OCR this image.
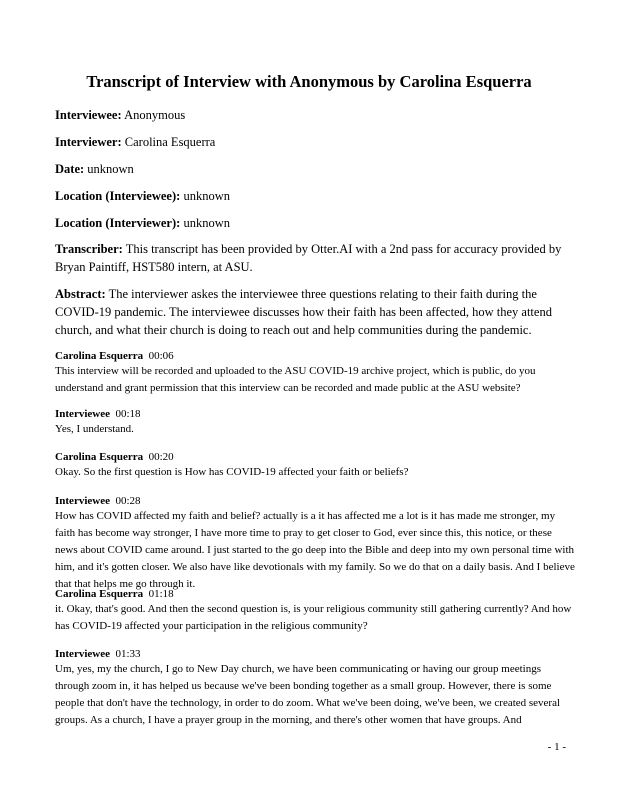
Transcript of Interview with Anonymous by Carolina Esquerra
Interviewee: Anonymous
Interviewer: Carolina Esquerra
Date: unknown
Location (Interviewee): unknown
Location (Interviewer): unknown
Transcriber: This transcript has been provided by Otter.AI with a 2nd pass for accuracy provided by Bryan Paintiff, HST580 intern, at ASU.
Abstract: The interviewer askes the interviewee three questions relating to their faith during the COVID-19 pandemic. The interviewee discusses how their faith has been affected, how they attend church, and what their church is doing to reach out and help communities during the pandemic.
Carolina Esquerra 00:06
This interview will be recorded and uploaded to the ASU COVID-19 archive project, which is public, do you understand and grant permission that this interview can be recorded and made public at the ASU website?
Interviewee 00:18
Yes, I understand.
Carolina Esquerra 00:20
Okay. So the first question is How has COVID-19 affected your faith or beliefs?
Interviewee 00:28
How has COVID affected my faith and belief? actually is a it has affected me a lot is it has made me stronger, my faith has become way stronger, I have more time to pray to get closer to God, ever since this, this notice, or these news about COVID came around. I just started to the go deep into the Bible and deep into my own personal time with him, and it's gotten closer. We also have like devotionals with my family. So we do that on a daily basis. And I believe that that helps me go through it.
Carolina Esquerra 01:18
it. Okay, that's good. And then the second question is, is your religious community still gathering currently? And how has COVID-19 affected your participation in the religious community?
Interviewee 01:33
Um, yes, my the church, I go to New Day church, we have been communicating or having our group meetings through zoom in, it has helped us because we've been bonding together as a small group. However, there is some people that don't have the technology, in order to do zoom. What we've been doing, we've been, we created several groups. As a church, I have a prayer group in the morning, and there's other women that have groups. And
- 1 -
